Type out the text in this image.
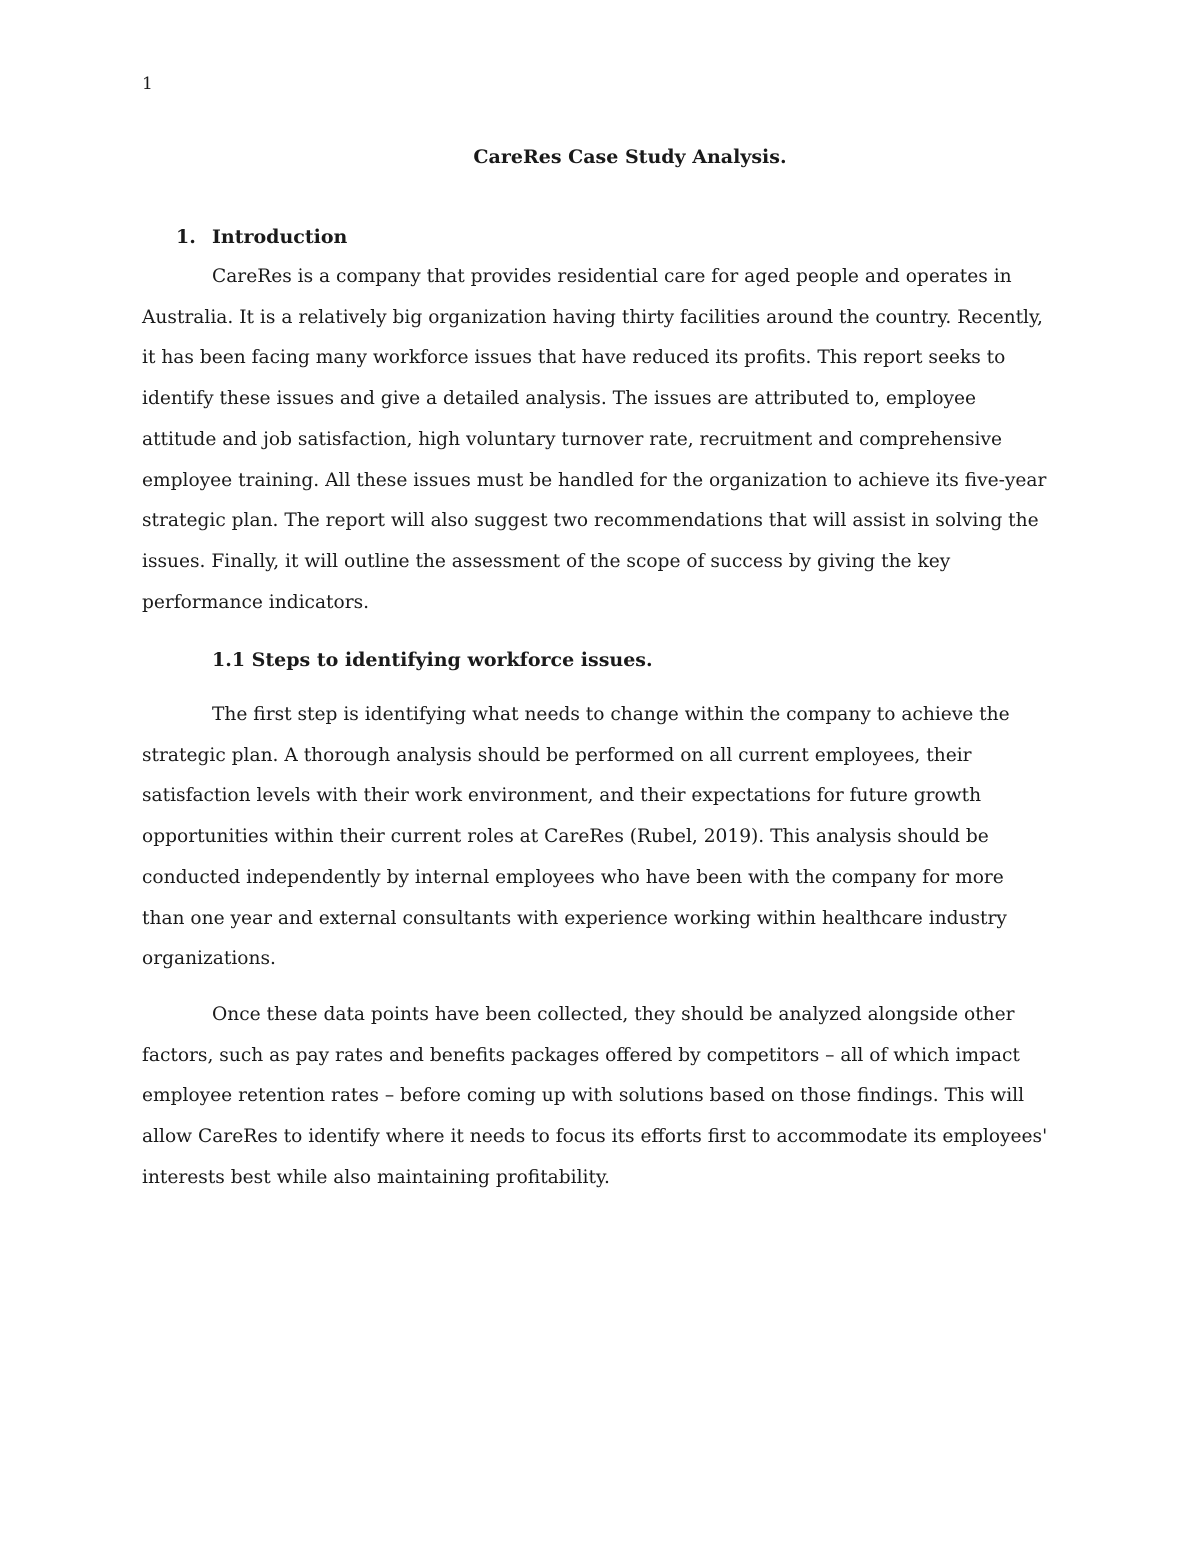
1
CareRes Case Study Analysis.
1. Introduction

CareRes is a company that provides residential care for aged people and operates in Australia. It is a relatively big organization having thirty facilities around the country. Recently, it has been facing many workforce issues that have reduced its profits. This report seeks to identify these issues and give a detailed analysis. The issues are attributed to, employee attitude and job satisfaction, high voluntary turnover rate, recruitment and comprehensive employee training. All these issues must be handled for the organization to achieve its five-year strategic plan. The report will also suggest two recommendations that will assist in solving the issues. Finally, it will outline the assessment of the scope of success by giving the key performance indicators.

1.1 Steps to identifying workforce issues.

The first step is identifying what needs to change within the company to achieve the strategic plan. A thorough analysis should be performed on all current employees, their satisfaction levels with their work environment, and their expectations for future growth opportunities within their current roles at CareRes (Rubel, 2019). This analysis should be conducted independently by internal employees who have been with the company for more than one year and external consultants with experience working within healthcare industry organizations.

Once these data points have been collected, they should be analyzed alongside other factors, such as pay rates and benefits packages offered by competitors – all of which impact employee retention rates – before coming up with solutions based on those findings. This will allow CareRes to identify where it needs to focus its efforts first to accommodate its employees' interests best while also maintaining profitability.
